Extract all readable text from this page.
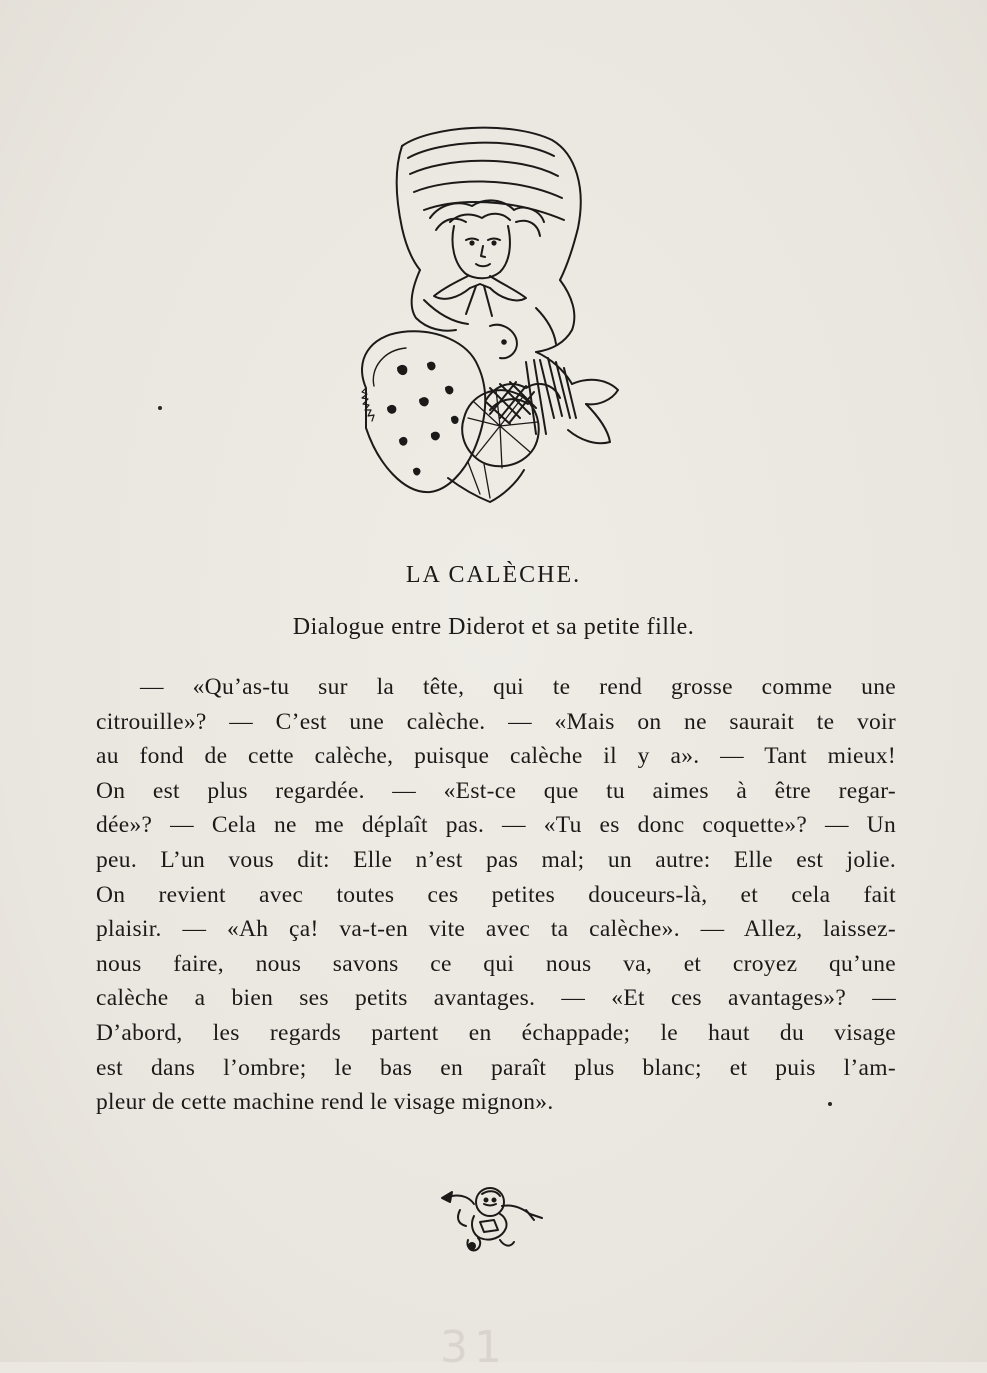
LA CALÈCHE.
Dialogue entre Diderot et sa petite fille.
— «Qu’as-tu sur la tête, qui te rend grosse comme une
citrouille»? — C’est une calèche. — «Mais on ne saurait te voir
au fond de cette calèche, puisque calèche il y a». — Tant mieux!
On est plus regardée. — «Est-ce que tu aimes à être regar-
dée»? — Cela ne me déplaît pas. — «Tu es donc coquette»? — Un
peu. L’un vous dit: Elle n’est pas mal; un autre: Elle est jolie.
On revient avec toutes ces petites douceurs-là, et cela fait
plaisir. — «Ah ça! va-t-en vite avec ta calèche». — Allez, laissez-
nous faire, nous savons ce qui nous va, et croyez qu’une
calèche a bien ses petits avantages. — «Et ces avantages»? —
D’abord, les regards partent en échappade; le haut du visage
est dans l’ombre; le bas en paraît plus blanc; et puis l’am-
pleur de cette machine rend le visage mignon».
31
